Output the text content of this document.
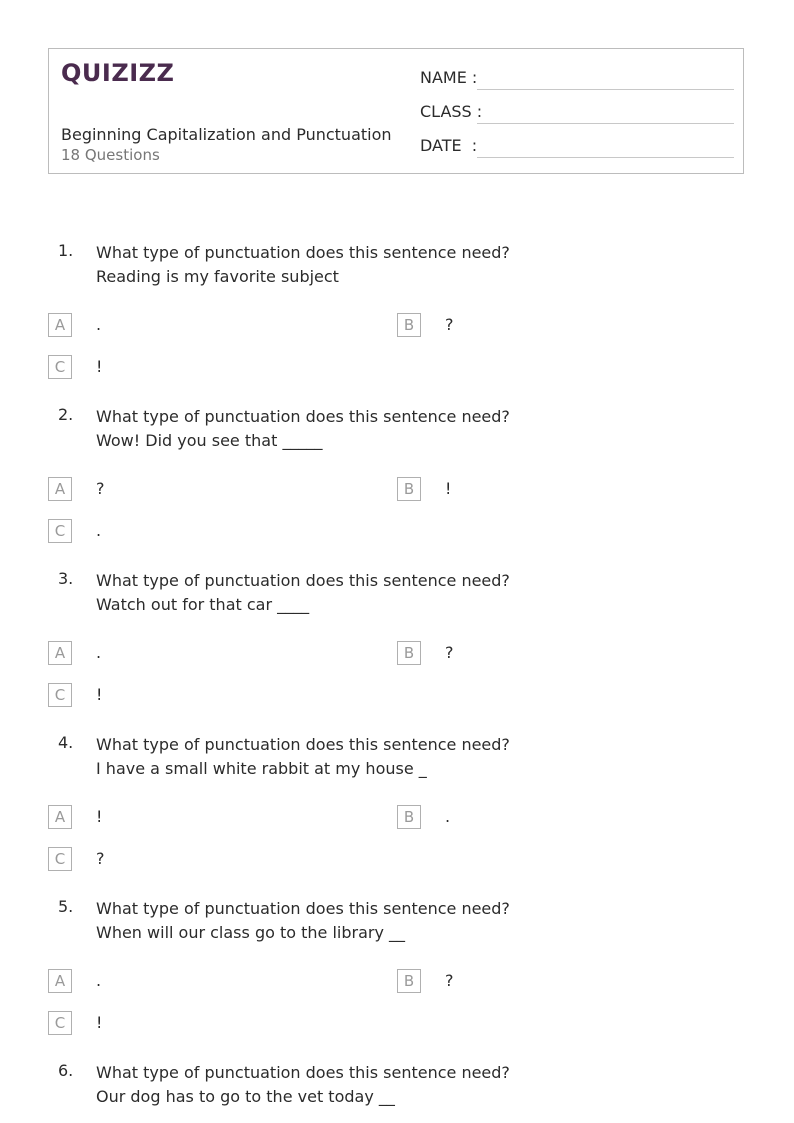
QUIZIZZ
Beginning Capitalization and Punctuation
18 Questions
NAME :
CLASS :
DATE  :
1. What type of punctuation does this sentence need?
Reading is my favorite subject
A	.	B	?
C	!
2. What type of punctuation does this sentence need?
Wow! Did you see that _____
A	?	B	!
C	.
3. What type of punctuation does this sentence need?
Watch out for that car ____
A	.	B	?
C	!
4. What type of punctuation does this sentence need?
I have a small white rabbit at my house _
A	!	B	.
C	?
5. What type of punctuation does this sentence need?
When will our class go to the library __
A	.	B	?
C	!
6. What type of punctuation does this sentence need?
Our dog has to go to the vet today __
